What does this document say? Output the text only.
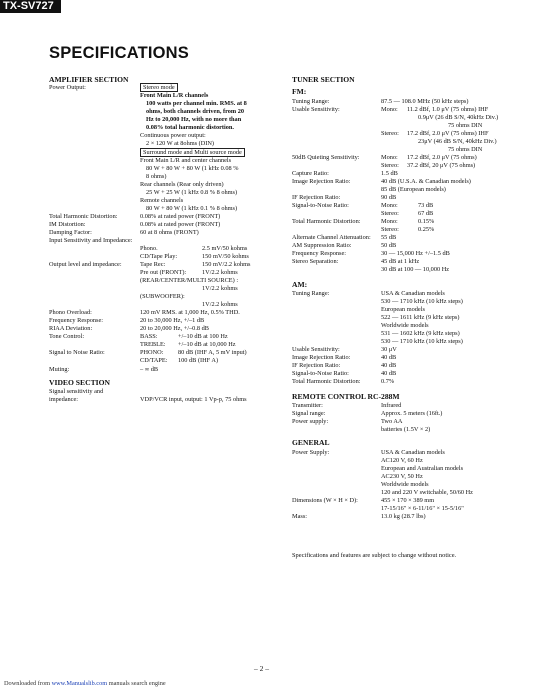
TX-SV727
SPECIFICATIONS
AMPLIFIER SECTION
Power Output:	Stereo mode
Front Main L/R channels
100 watts per channel min. RMS. at 8
ohms, both channels driven, from 20
Hz to 20,000 Hz, with no more than
0.08% total harmonic distortion.
Continuous power output:
2 × 120 W at 8ohms (DIN)
Surround mode and Multi source mode
Front Main L/R and center channels
80 W + 80 W + 80 W (1 kHz 0.08 %
8 ohms)
Rear channels (Rear only driven)
25 W + 25 W (1 kHz 0.8 % 8 ohms)
Remote channels
80 W + 80 W (1 kHz 0.1 % 8 ohms)
Total Harmonic Distortion:	0.08% at rated power (FRONT)
IM Distortion:	0.08% at rated power (FRONT)
Damping Factor:	60 at 8 ohms (FRONT)
Input Sensitivity and Impedance:
Phono.	2.5 mV/50 kohms
CD/Tape Play:	150 mV/50 kohms
Output level and impedance:	Tape Rec:	150 mV/2.2 kohms
Pre out (FRONT):	1V/2.2 kohms
(REAR/CENTER/MULTI SOURCE) :
1V/2.2 kohms
(SUBWOOFER):
1V/2.2 kohms
Phono Overload:	120 mV RMS. at 1,000 Hz, 0.5% THD.
Frequency Response:	20 to 30,000 Hz, +/–1 dB
RIAA Deviation:	20 to 20,000 Hz, +/–0.8 dB
Tone Control:	BASS:	+/–10 dB at 100 Hz
TREBLE: +/–10 dB at 10,000 Hz
Signal to Noise Ratio:	PHONO: 80 dB (IHF A, 5 mV input)
CD/TAPE: 100 dB (IHF A)
Muting:	– ∞ dB
VIDEO SECTION
Signal sensitivity and
impedance:	VDP/VCR input, output: 1 Vp-p, 75 ohms
TUNER SECTION
FM:
Tuning Range:	87.5 — 108.0 MHz (50 kHz steps)
Usable Sensitivity:	Mono: 11.2 dBf, 1.0 μV (75 ohms) IHF
0.9μV (26 dB S/N, 40kHz Div.)
75 ohms DIN
Stereo: 17.2 dBf, 2.0 μV (75 ohms) IHF
23μV (46 dB S/N, 40kHz Div.)
75 ohms DIN
50dB Quieting Sensitivity:	Mono: 17.2 dBf, 2.0 μV (75 ohms)
Stereo: 37.2 dBf, 20 μV (75 ohms)
Capture Ratio:	1.5 dB
Image Rejection Ratio:	40 dB (U.S.A. & Canadian models)
85 dB (European models)
IF Rejection Ratio:	90 dB
Signal-to-Noise Ratio:	Mono:	73 dB
Stereo:	67 dB
Total Harmonic Distortion:	Mono:	0.15%
Stereo:	0.25%
Alternate Channel Attenuation: 55 dB
AM Suppression Ratio:	50 dB
Frequency Response:	30 — 15,000 Hz +/–1.5 dB
Stereo Separation:	45 dB at 1 kHz
30 dB at 100 — 10,000 Hz
AM:
Tuning Range:	USA & Canadian models
530 — 1710 kHz (10 kHz steps)
European models
522 — 1611 kHz (9 kHz steps)
Worldwide models
531 — 1602 kHz (9 kHz steps)
530 — 1710 kHz (10 kHz steps)
Usable Sensitivity:	30 μV
Image Rejection Ratio:	40 dB
IF Rejection Ratio:	40 dB
Signal-to-Noise Ratio:	40 dB
Total Harmonic Distortion:	0.7%
REMOTE CONTROL RC-288M
Transmitter:	Infrared
Signal range:	Approx. 5 meters (16ft.)
Power supply:	Two AA
batteries (1.5V × 2)
GENERAL
Power Supply:	USA & Canadian models
AC120 V, 60 Hz
European and Australian models
AC230 V, 50 Hz
Worldwide models
120 and 220 V switchable, 50/60 Hz
Dimensions (W × H × D):	455 × 170 × 389 mm
17-15/16" × 6-11/16" × 15-5/16"
Mass:	13.0 kg (28.7 lbs)
Specifications and features are subject to change without notice.
– 2 –
Downloaded from www.Manualslib.com manuals search engine
